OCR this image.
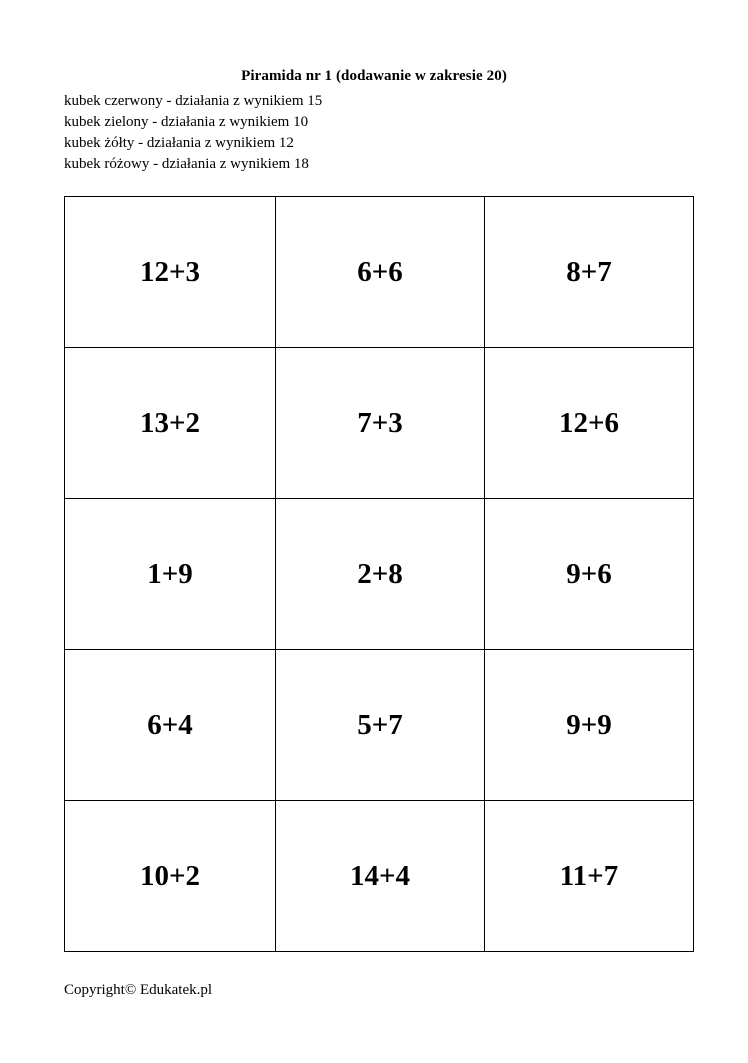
Piramida nr 1 (dodawanie w zakresie 20)
kubek czerwony - działania z wynikiem 15
kubek zielony - działania z wynikiem 10
kubek żółty - działania z wynikiem 12
kubek różowy - działania z wynikiem 18
12+3	6+6	8+7
13+2	7+3	12+6
1+9	2+8	9+6
6+4	5+7	9+9
10+2	14+4	11+7
Copyright© Edukatek.pl
